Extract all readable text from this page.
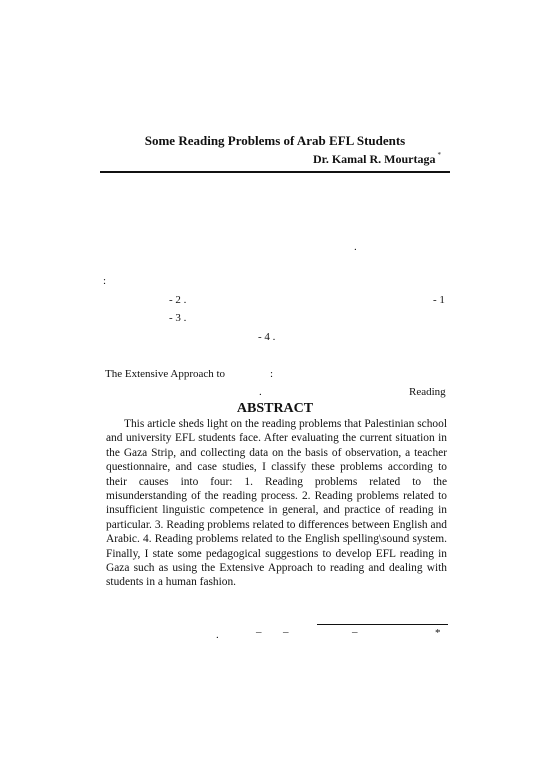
Some Reading Problems of Arab EFL Students
Dr. Kamal R. Mourtaga *
.
:
- 2 .	- 1
- 3 .
- 4 .
The Extensive Approach to	:
.	Reading
ABSTRACT
This article sheds light on the reading problems that Palestinian school and university EFL students face. After evaluating the current situation in the Gaza Strip, and collecting data on the basis of observation, a teacher questionnaire, and case studies, I classify these problems according to their causes into four: 1. Reading problems related to the misunderstanding of the reading process. 2. Reading problems related to insufficient linguistic competence in general, and practice of reading in particular. 3. Reading problems related to differences between English and Arabic. 4. Reading problems related to the English spelling\sound system. Finally, I state some pedagogical suggestions to develop EFL reading in Gaza such as using the Extensive Approach to reading and dealing with students in a human fashion.
.	– –	–	*
